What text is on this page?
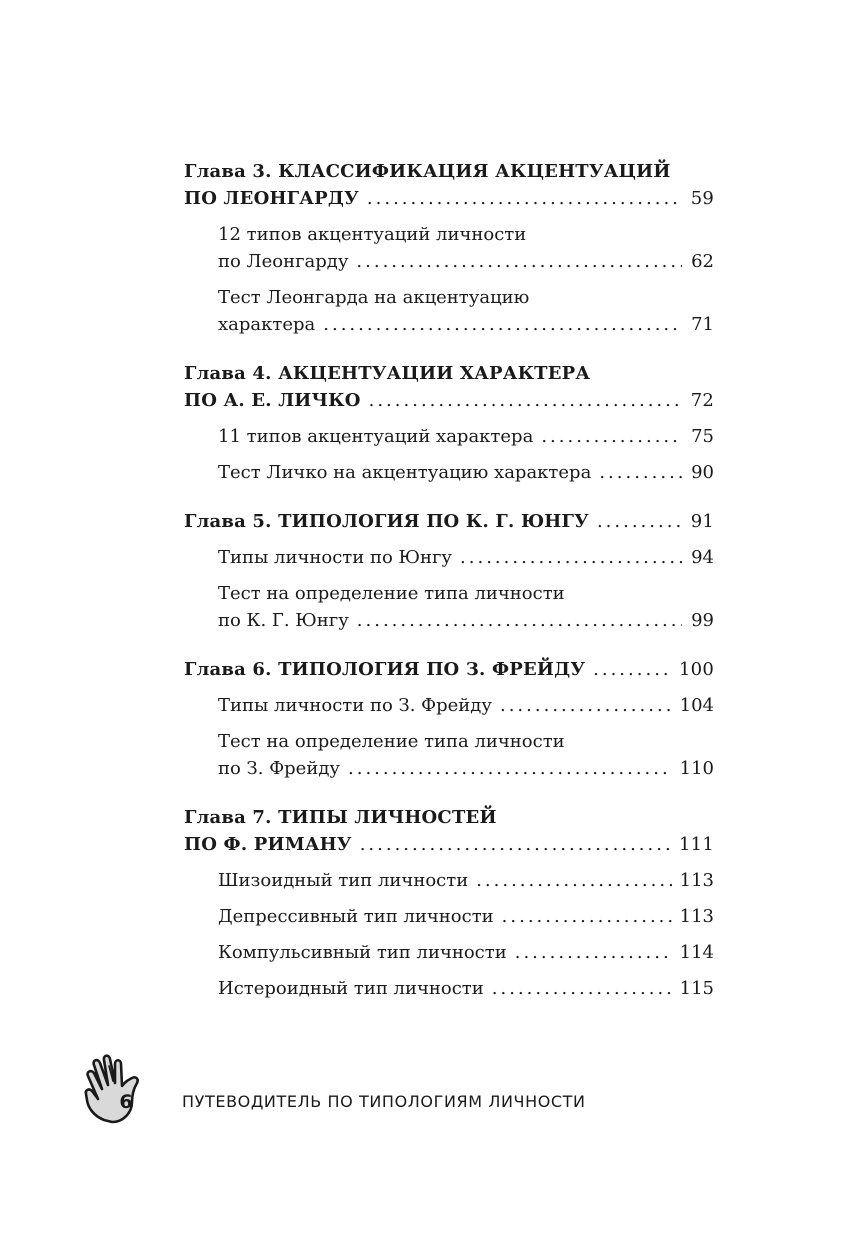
Глава 3. КЛАССИФИКАЦИЯ АКЦЕНТУАЦИЙ
ПО ЛЕОНГАРДУ .....	59
12 типов акцентуаций личности
по Леонгарду .....	62
Тест Леонгарда на акцентуацию
характера .....	71
Глава 4. АКЦЕНТУАЦИИ ХАРАКТЕРА
ПО А. Е. ЛИЧКО .....	72
11 типов акцентуаций характера .....	75
Тест Личко на акцентуацию характера .....	90
Глава 5. ТИПОЛОГИЯ ПО К. Г. ЮНГУ .....	91
Типы личности по Юнгу .....	94
Тест на определение типа личности
по К. Г. Юнгу .....	99
Глава 6. ТИПОЛОГИЯ ПО З. ФРЕЙДУ .....	100
Типы личности по З. Фрейду .....	104
Тест на определение типа личности
по З. Фрейду .....	110
Глава 7. ТИПЫ ЛИЧНОСТЕЙ
ПО Ф. РИМАНУ .....	111
Шизоидный тип личности .....	113
Депрессивный тип личности .....	113
Компульсивный тип личности .....	114
Истероидный тип личности .....	115
6	ПУТЕВОДИТЕЛЬ ПО ТИПОЛОГИЯМ ЛИЧНОСТИ
